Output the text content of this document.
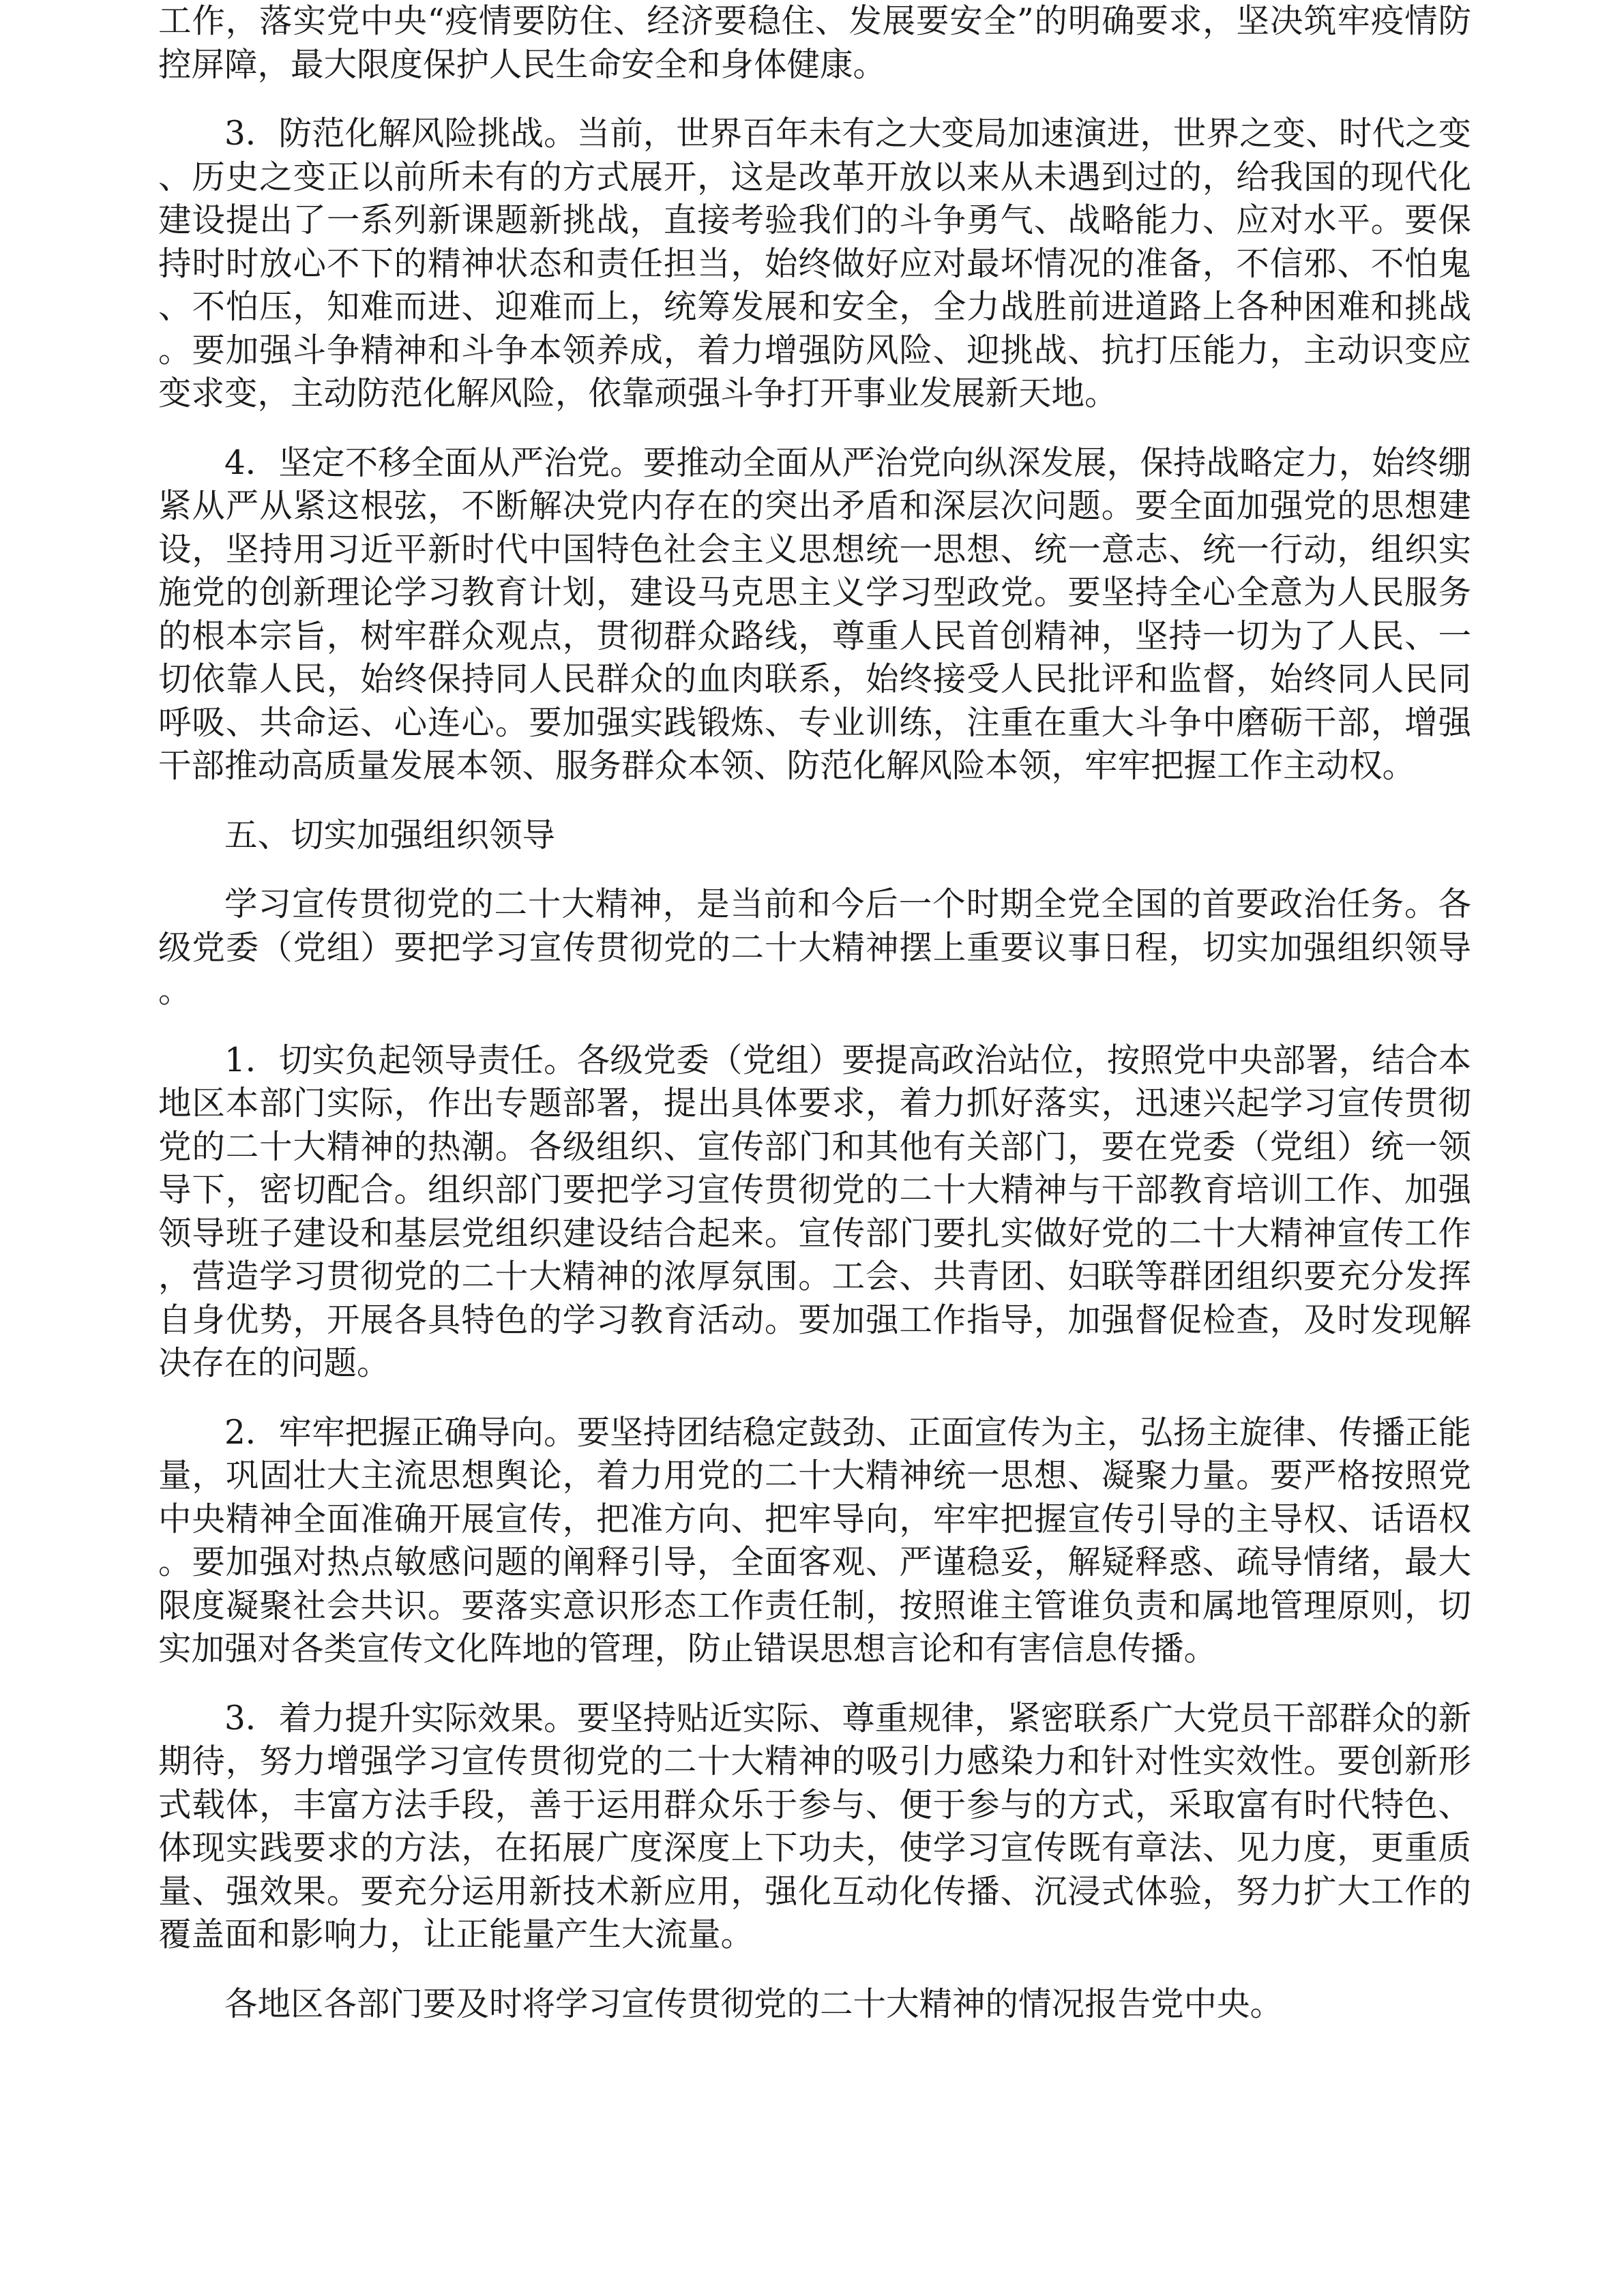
工作，落实党中央“疫情要防住、经济要稳住、发展要安全”的明确要求，坚决筑牢疫情防控屏障，最大限度保护人民生命安全和身体健康。

3．防范化解风险挑战。当前，世界百年未有之大变局加速演进，世界之变、时代之变、历史之变正以前所未有的方式展开，这是改革开放以来从未遇到过的，给我国的现代化建设提出了一系列新课题新挑战，直接考验我们的斗争勇气、战略能力、应对水平。要保持时时放心不下的精神状态和责任担当，始终做好应对最坏情况的准备，不信邪、不怕鬼、不怕压，知难而进、迎难而上，统筹发展和安全，全力战胜前进道路上各种困难和挑战。要加强斗争精神和斗争本领养成，着力增强防风险、迎挑战、抗打压能力，主动识变应变求变，主动防范化解风险，依靠顽强斗争打开事业发展新天地。

4．坚定不移全面从严治党。要推动全面从严治党向纵深发展，保持战略定力，始终绷紧从严从紧这根弦，不断解决党内存在的突出矛盾和深层次问题。要全面加强党的思想建设，坚持用习近平新时代中国特色社会主义思想统一思想、统一意志、统一行动，组织实施党的创新理论学习教育计划，建设马克思主义学习型政党。要坚持全心全意为人民服务的根本宗旨，树牢群众观点，贯彻群众路线，尊重人民首创精神，坚持一切为了人民、一切依靠人民，始终保持同人民群众的血肉联系，始终接受人民批评和监督，始终同人民同呼吸、共命运、心连心。要加强实践锻炼、专业训练，注重在重大斗争中磨砺干部，增强干部推动高质量发展本领、服务群众本领、防范化解风险本领，牢牢把握工作主动权。

五、切实加强组织领导

学习宣传贯彻党的二十大精神，是当前和今后一个时期全党全国的首要政治任务。各级党委（党组）要把学习宣传贯彻党的二十大精神摆上重要议事日程，切实加强组织领导。

1．切实负起领导责任。各级党委（党组）要提高政治站位，按照党中央部署，结合本地区本部门实际，作出专题部署，提出具体要求，着力抓好落实，迅速兴起学习宣传贯彻党的二十大精神的热潮。各级组织、宣传部门和其他有关部门，要在党委（党组）统一领导下，密切配合。组织部门要把学习宣传贯彻党的二十大精神与干部教育培训工作、加强领导班子建设和基层党组织建设结合起来。宣传部门要扎实做好党的二十大精神宣传工作，营造学习贯彻党的二十大精神的浓厚氛围。工会、共青团、妇联等群团组织要充分发挥自身优势，开展各具特色的学习教育活动。要加强工作指导，加强督促检查，及时发现解决存在的问题。

2．牢牢把握正确导向。要坚持团结稳定鼓劲、正面宣传为主，弘扬主旋律、传播正能量，巩固壮大主流思想舆论，着力用党的二十大精神统一思想、凝聚力量。要严格按照党中央精神全面准确开展宣传，把准方向、把牢导向，牢牢把握宣传引导的主导权、话语权。要加强对热点敏感问题的阐释引导，全面客观、严谨稳妥，解疑释惑、疏导情绪，最大限度凝聚社会共识。要落实意识形态工作责任制，按照谁主管谁负责和属地管理原则，切实加强对各类宣传文化阵地的管理，防止错误思想言论和有害信息传播。

3．着力提升实际效果。要坚持贴近实际、尊重规律，紧密联系广大党员干部群众的新期待，努力增强学习宣传贯彻党的二十大精神的吸引力感染力和针对性实效性。要创新形式载体，丰富方法手段，善于运用群众乐于参与、便于参与的方式，采取富有时代特色、体现实践要求的方法，在拓展广度深度上下功夫，使学习宣传既有章法、见力度，更重质量、强效果。要充分运用新技术新应用，强化互动化传播、沉浸式体验，努力扩大工作的覆盖面和影响力，让正能量产生大流量。

各地区各部门要及时将学习宣传贯彻党的二十大精神的情况报告党中央。
